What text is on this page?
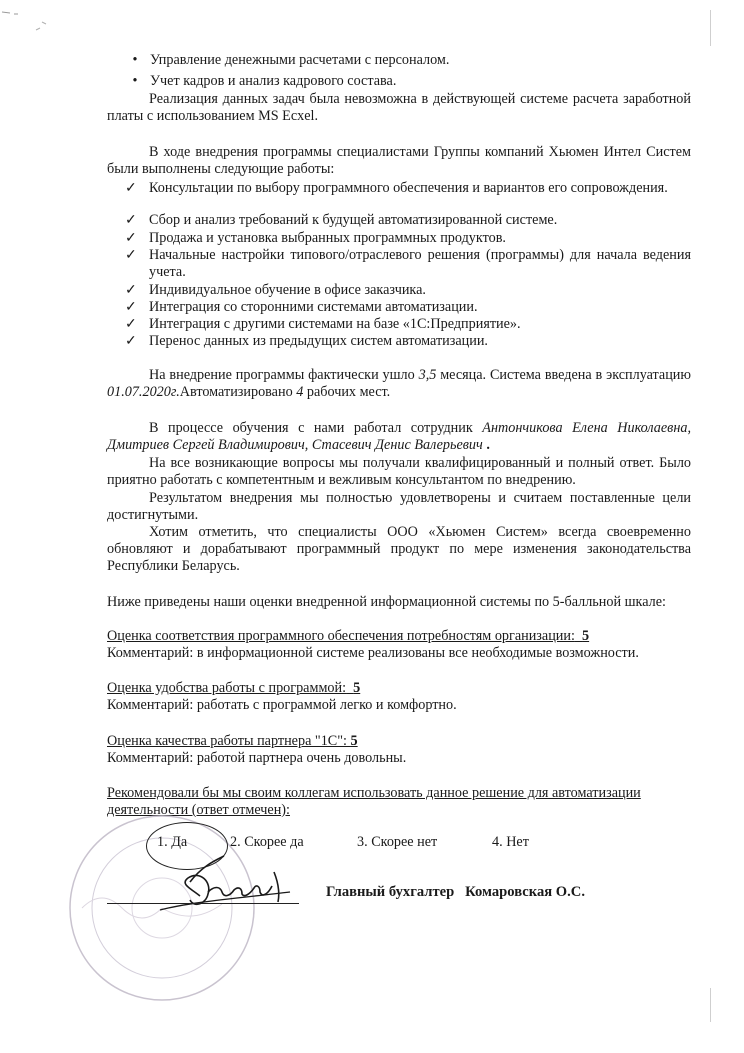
• Управление денежными расчетами с персоналом.
• Учет кадров и анализ кадрового состава.
Реализация данных задач была невозможна в действующей системе расчета заработной платы с использованием MS Ecxel.
В ходе внедрения программы специалистами Группы компаний Хьюмен Интел Систем были выполнены следующие работы:
✓ Консультации по выбору программного обеспечения и вариантов его сопровождения.
✓ Сбор и анализ требований к будущей автоматизированной системе.
✓ Продажа и установка выбранных программных продуктов.
✓ Начальные настройки типового/отраслевого решения (программы) для начала ведения учета.
✓ Индивидуальное обучение в офисе заказчика.
✓ Интеграция со сторонними системами автоматизации.
✓ Интеграция с другими системами на базе «1С:Предприятие».
✓ Перенос данных из предыдущих систем автоматизации.
На внедрение программы фактически ушло 3,5 месяца. Система введена в эксплуатацию 01.07.2020г.Автоматизировано 4 рабочих мест.
В процессе обучения с нами работал сотрудник Антончикова Елена Николаевна, Дмитриев Сергей Владимирович, Стасевич Денис Валерьевич .
На все возникающие вопросы мы получали квалифицированный и полный ответ. Было приятно работать с компетентным и вежливым консультантом по внедрению.
Результатом внедрения мы полностью удовлетворены и считаем поставленные цели достигнутыми.
Хотим отметить, что специалисты ООО «Хьюмен Систем» всегда своевременно обновляют и дорабатывают программный продукт по мере изменения законодательства Республики Беларусь.
Ниже приведены наши оценки внедренной информационной системы по 5-балльной шкале:
Оценка соответствия программного обеспечения потребностям организации: 5
Комментарий: в информационной системе реализованы все необходимые возможности.
Оценка удобства работы с программой: 5
Комментарий: работать с программой легко и комфортно.
Оценка качества работы партнера "1С": 5
Комментарий: работой партнера очень довольны.
Рекомендовали бы мы своим коллегам использовать данное решение для автоматизации деятельности (ответ отмечен):
1. Да	2. Скорее да	3. Скорее нет	4. Нет
Главный бухгалтер Комаровская О.С.
